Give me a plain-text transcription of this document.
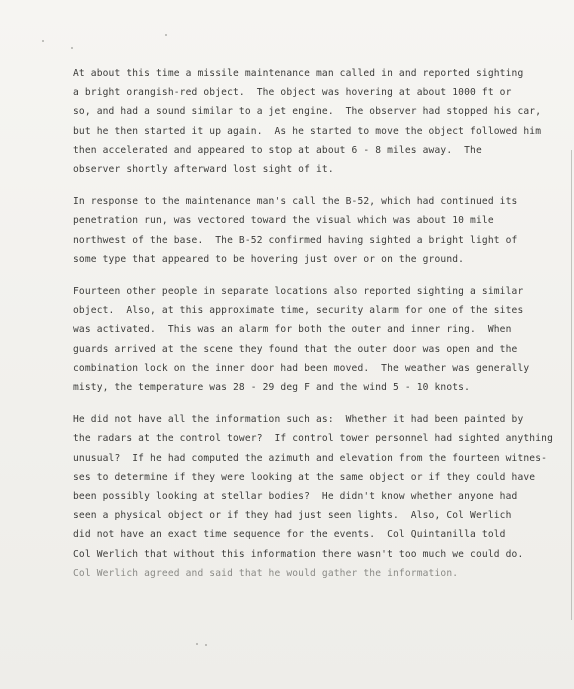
At about this time a missile maintenance man called in and reported sighting
a bright orangish-red object.  The object was hovering at about 1000 ft or
so, and had a sound similar to a jet engine.  The observer had stopped his car,
but he then started it up again.  As he started to move the object followed him
then accelerated and appeared to stop at about 6 - 8 miles away.  The
observer shortly afterward lost sight of it.
In response to the maintenance man's call the B-52, which had continued its
penetration run, was vectored toward the visual which was about 10 mile
northwest of the base.  The B-52 confirmed having sighted a bright light of
some type that appeared to be hovering just over or on the ground.
Fourteen other people in separate locations also reported sighting a similar
object.  Also, at this approximate time, security alarm for one of the sites
was activated.  This was an alarm for both the outer and inner ring.  When
guards arrived at the scene they found that the outer door was open and the
combination lock on the inner door had been moved.  The weather was generally
misty, the temperature was 28 - 29 deg F and the wind 5 - 10 knots.
He did not have all the information such as:  Whether it had been painted by
the radars at the control tower?  If control tower personnel had sighted anything
unusual?  If he had computed the azimuth and elevation from the fourteen witnes-
ses to determine if they were looking at the same object or if they could have
been possibly looking at stellar bodies?  He didn't know whether anyone had
seen a physical object or if they had just seen lights.  Also, Col Werlich
did not have an exact time sequence for the events.  Col Quintanilla told
Col Werlich that without this information there wasn't too much we could do.
Col Werlich agreed and said that he would gather the information.
